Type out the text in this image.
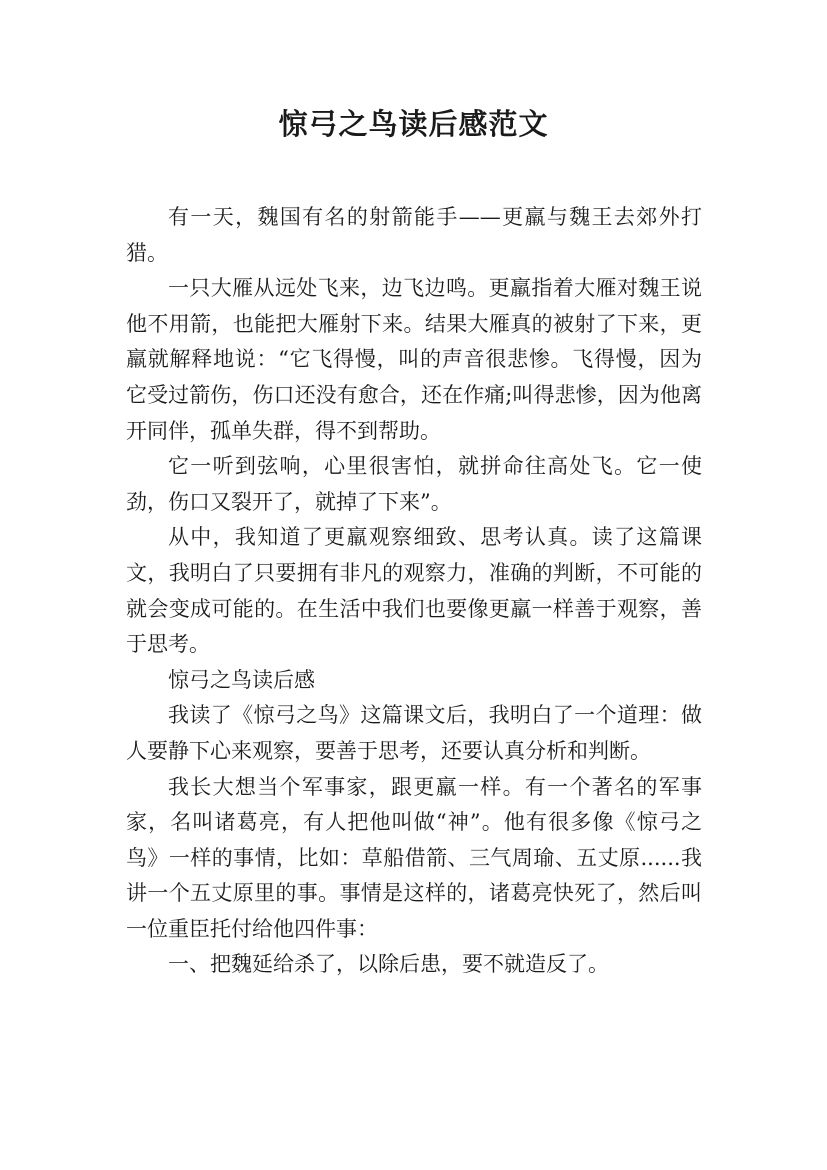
惊弓之鸟读后感范文

有一天，魏国有名的射箭能手——更羸与魏王去郊外打猎。

一只大雁从远处飞来，边飞边鸣。更羸指着大雁对魏王说他不用箭，也能把大雁射下来。结果大雁真的被射了下来，更羸就解释地说：“它飞得慢，叫的声音很悲惨。飞得慢，因为它受过箭伤，伤口还没有愈合，还在作痛;叫得悲惨，因为他离开同伴，孤单失群，得不到帮助。

它一听到弦响，心里很害怕，就拼命往高处飞。它一使劲，伤口又裂开了，就掉了下来”。

从中，我知道了更羸观察细致、思考认真。读了这篇课文，我明白了只要拥有非凡的观察力，准确的判断，不可能的就会变成可能的。在生活中我们也要像更羸一样善于观察，善于思考。

惊弓之鸟读后感

我读了《惊弓之鸟》这篇课文后，我明白了一个道理：做人要静下心来观察，要善于思考，还要认真分析和判断。

我长大想当个军事家，跟更羸一样。有一个著名的军事家，名叫诸葛亮，有人把他叫做“神”。他有很多像《惊弓之鸟》一样的事情，比如：草船借箭、三气周瑜、五丈原......我讲一个五丈原里的事。事情是这样的，诸葛亮快死了，然后叫一位重臣托付给他四件事：

一、把魏延给杀了，以除后患，要不就造反了。
